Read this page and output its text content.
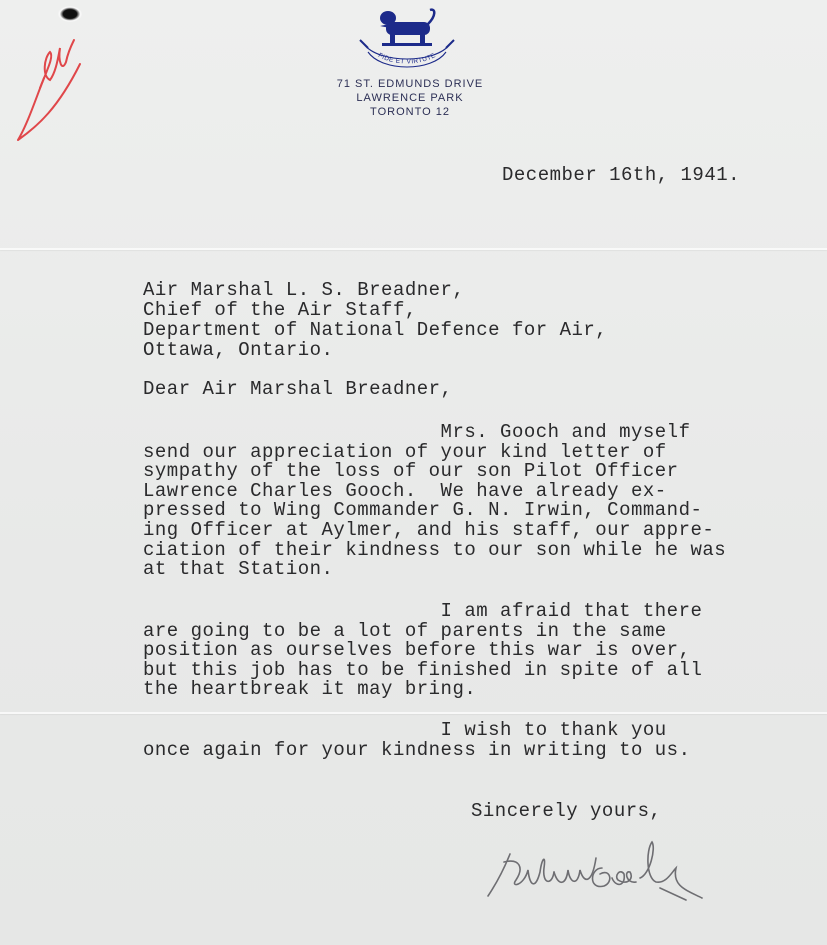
FIDE ET VIRTUTE
71 ST. EDMUNDS DRIVE
LAWRENCE PARK
TORONTO 12
December 16th, 1941.
Air Marshal L. S. Breadner,
Chief of the Air Staff,
Department of National Defence for Air,
Ottawa, Ontario.
Dear Air Marshal Breadner,
Mrs. Gooch and myself
send our appreciation of your kind letter of
sympathy of the loss of our son Pilot Officer
Lawrence Charles Gooch.  We have already ex-
pressed to Wing Commander G. N. Irwin, Command-
ing Officer at Aylmer, and his staff, our appre-
ciation of their kindness to our son while he was
at that Station.
I am afraid that there
are going to be a lot of parents in the same
position as ourselves before this war is over,
but this job has to be finished in spite of all
the heartbreak it may bring.
I wish to thank you
once again for your kindness in writing to us.
Sincerely yours,
